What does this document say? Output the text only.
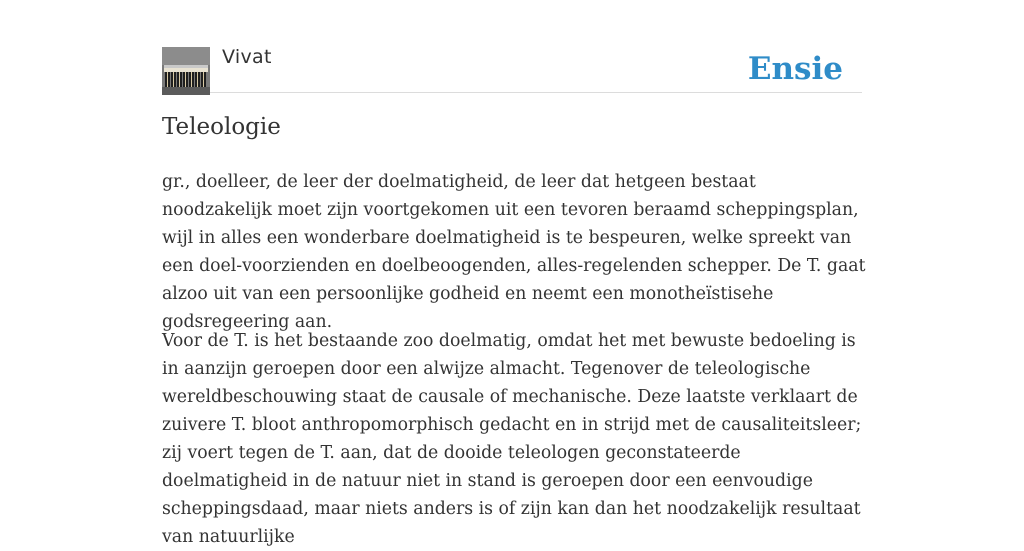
Vivat	Ensie
Teleologie

gr., doelleer, de leer der doelmatigheid, de leer dat hetgeen bestaat noodzakelijk moet zijn voortgekomen uit een tevoren beraamd scheppingsplan, wijl in alles een wonderbare doelmatigheid is te bespeuren, welke spreekt van een doel-voorzienden en doelbeoogenden, alles-regelenden schepper. De T. gaat alzoo uit van een persoonlijke godheid en neemt een monotheïstisehe godsregeering aan.

Voor de T. is het bestaande zoo doelmatig, omdat het met bewuste bedoeling is in aanzijn geroepen door een alwijze almacht. Tegenover de teleologische wereldbeschouwing staat de causale of mechanische. Deze laatste verklaart de zuivere T. bloot anthropomorphisch gedacht en in strijd met de causaliteitsleer; zij voert tegen de T. aan, dat de dooide teleologen geconstateerde doelmatigheid in de natuur niet in stand is geroepen door een eenvoudige scheppingsdaad, maar niets anders is of zijn kan dan het noodzakelijk resultaat van natuurlijke
